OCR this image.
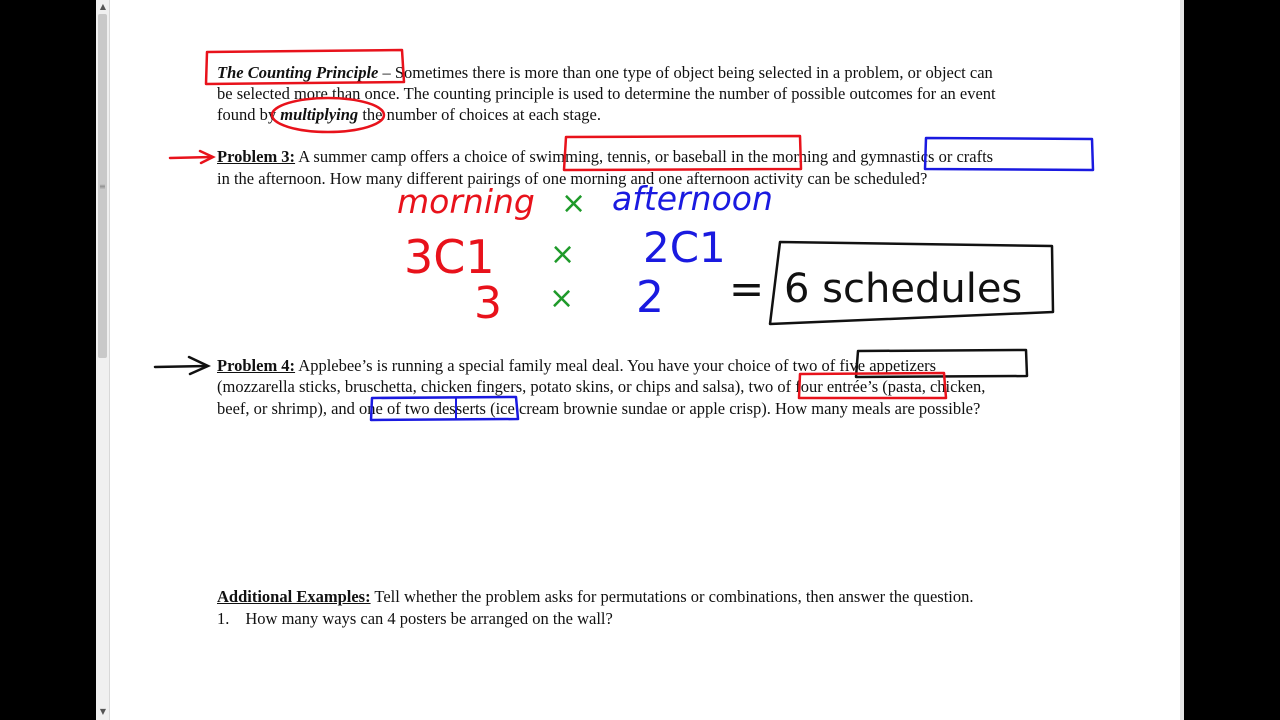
▲
≡
▼
The Counting Principle – Sometimes there is more than one type of object being selected in a problem, or object can
be selected more than once. The counting principle is used to determine the number of possible outcomes for an event
found by multiplying the number of choices at each stage.
Problem 3: A summer camp offers a choice of swimming, tennis, or baseball in the morning and gymnastics or crafts
in the afternoon. How many different pairings of one morning and one afternoon activity can be scheduled?
Problem 4: Applebee’s is running a special family meal deal. You have your choice of two of five appetizers
(mozzarella sticks, bruschetta, chicken fingers, potato skins, or chips and salsa), two of four entrée’s (pasta, chicken,
beef, or shrimp), and one of two desserts (ice cream brownie sundae or apple crisp). How many meals are possible?
Additional Examples: Tell whether the problem asks for permutations or combinations, then answer the question.
1. How many ways can 4 posters be arranged on the wall?
morning × afternoon
3C1 × 2C1
3 × 2 = 6 schedules
